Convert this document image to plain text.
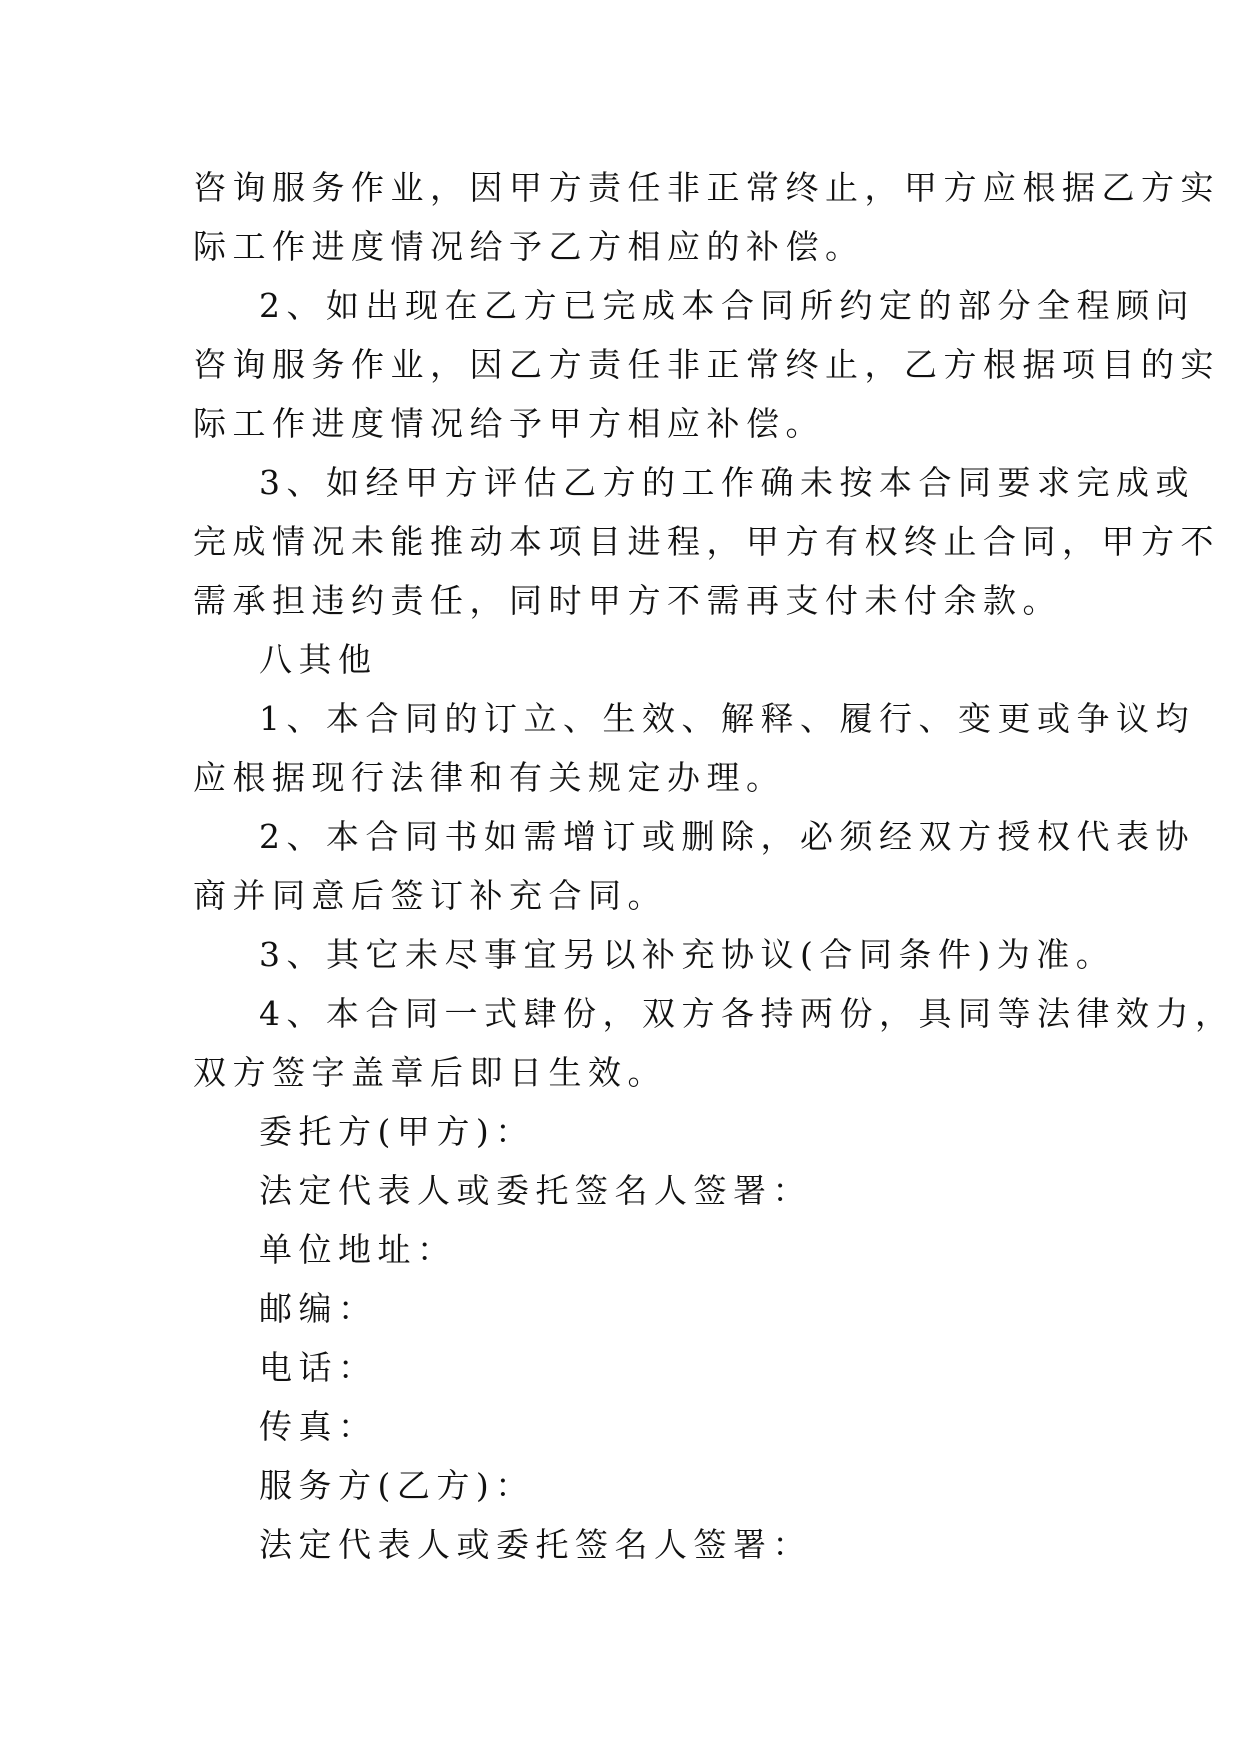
咨询服务作业，因甲方责任非正常终止，甲方应根据乙方实
际工作进度情况给予乙方相应的补偿。
2、如出现在乙方已完成本合同所约定的部分全程顾问
咨询服务作业，因乙方责任非正常终止，乙方根据项目的实
际工作进度情况给予甲方相应补偿。
3、如经甲方评估乙方的工作确未按本合同要求完成或
完成情况未能推动本项目进程，甲方有权终止合同，甲方不
需承担违约责任，同时甲方不需再支付未付余款。
八其他
1、本合同的订立、生效、解释、履行、变更或争议均
应根据现行法律和有关规定办理。
2、本合同书如需增订或删除，必须经双方授权代表协
商并同意后签订补充合同。
3、其它未尽事宜另以补充协议(合同条件)为准。
4、本合同一式肆份，双方各持两份，具同等法律效力，
双方签字盖章后即日生效。
委托方(甲方)：
法定代表人或委托签名人签署：
单位地址：
邮编：
电话：
传真：
服务方(乙方)：
法定代表人或委托签名人签署：
